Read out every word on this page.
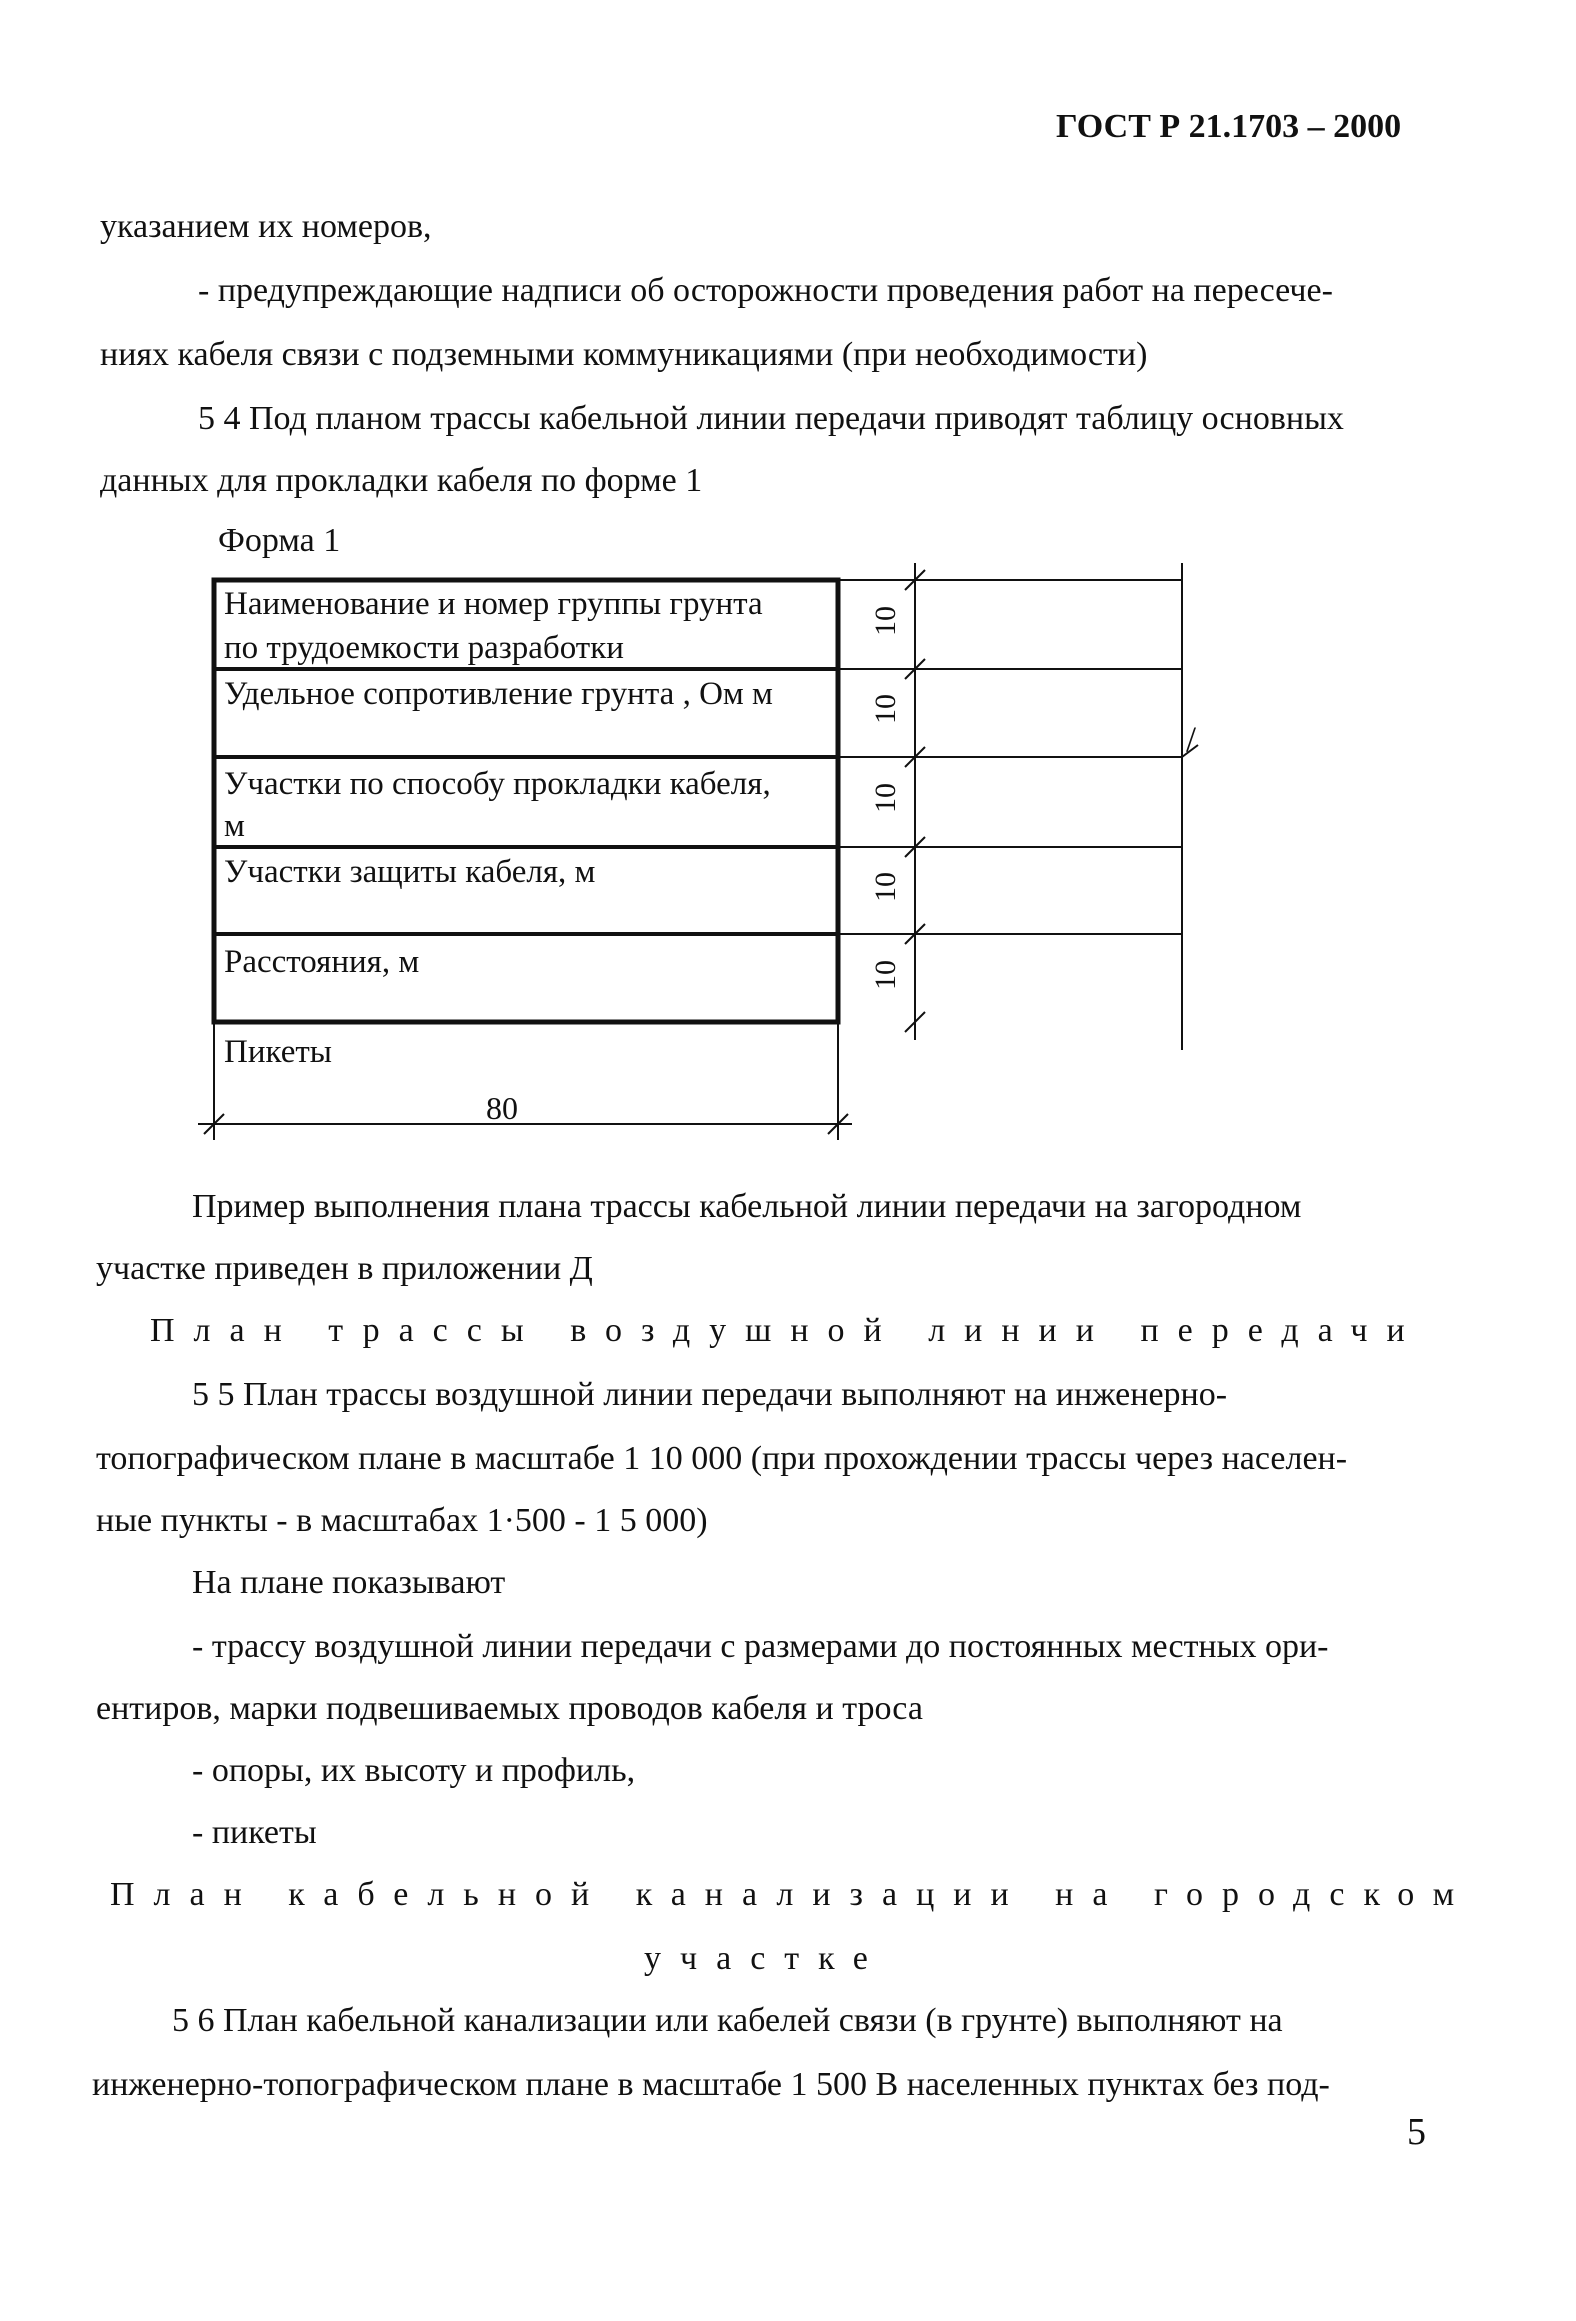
ГОСТ Р 21.1703 – 2000
указанием их номеров,
- предупреждающие надписи об осторожности проведения работ на пересече-
ниях кабеля связи с подземными коммуникациями (при необходимости)
5 4 Под планом трассы кабельной линии передачи приводят таблицу основных
данных для прокладки кабеля по форме 1
Форма 1
Наименование и номер группы грунта
по трудоемкости разработки
Удельное сопротивление грунта , Ом м
Участки по способу прокладки кабеля,
м
Участки защиты кабеля, м
Расстояния, м
Пикеты
10
10
10
10
10
80
/
Пример выполнения плана трассы кабельной линии передачи на загородном
участке приведен в приложении Д
План трассы воздушной линии передачи
5 5 План трассы воздушной линии передачи выполняют на инженерно-
топографическом плане в масштабе 1 10 000 (при прохождении трассы через населен-
ные пункты - в масштабах 1·500 - 1 5 000)
На плане показывают
- трассу воздушной линии передачи с размерами до постоянных местных ори-
ентиров, марки подвешиваемых проводов кабеля и троса
- опоры, их высоту и профиль,
- пикеты
План кабельной канализации на городском
участке
5 6 План кабельной канализации или кабелей связи (в грунте) выполняют на
инженерно-топографическом плане в масштабе 1 500 В населенных пунктах без под-
5
